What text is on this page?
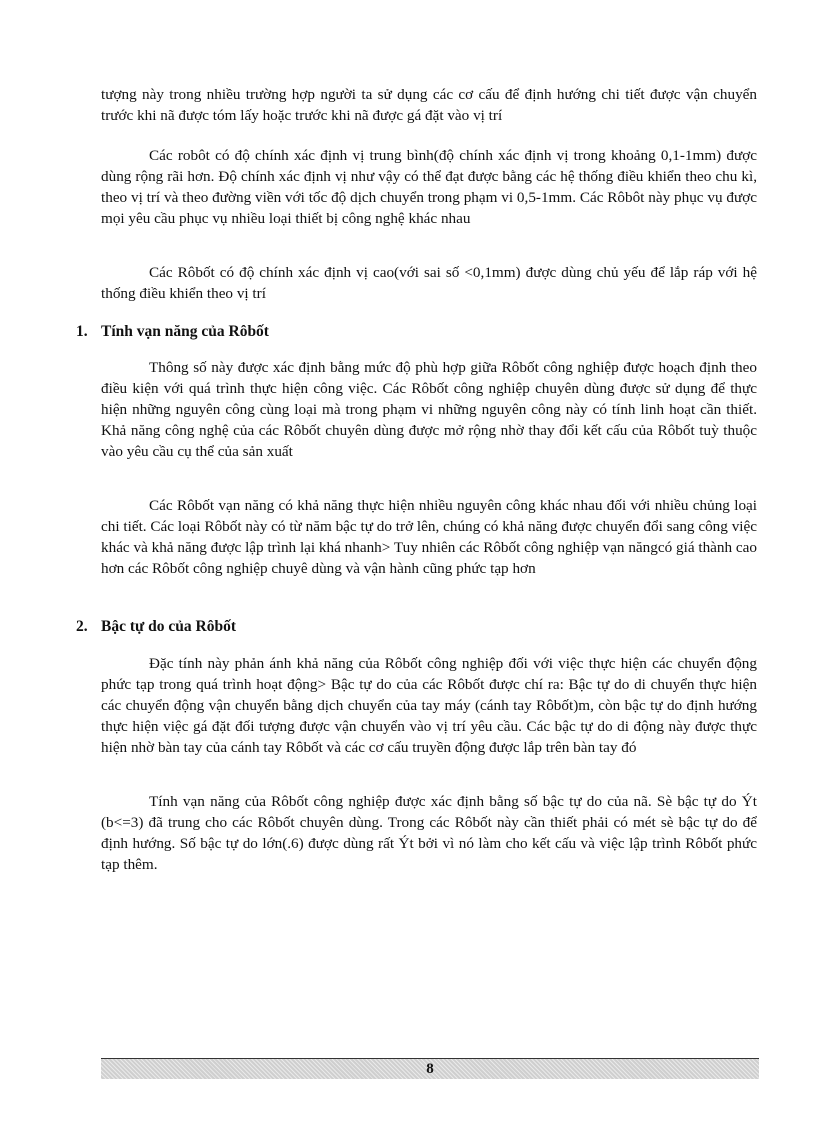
tượng này trong nhiều trường hợp người ta sử dụng các cơ cấu để định hướng chi tiết được vận chuyển trước khi nã được tóm lấy hoặc trước khi nã được gá đặt vào vị trí

Các robôt có độ chính xác định vị trung bình(độ chính xác định vị trong khoảng 0,1-1mm) được dùng rộng rãi hơn. Độ chính xác định vị như vậy có thể đạt được bằng các hệ thống điều khiển theo chu kì, theo vị trí và theo đường viền với tốc độ dịch chuyển trong phạm vi 0,5-1mm. Các Rôbôt này phục vụ được mọi yêu cầu phục vụ nhiều loại thiết bị công nghệ khác nhau

Các Rôbốt có độ chính xác định vị cao(với sai số <0,1mm) được dùng chủ yếu để lắp ráp với hệ thống điều khiển theo vị trí

1. Tính vạn năng của Rôbốt

Thông số này được xác định bằng mức độ phù hợp giữa Rôbốt công nghiệp được hoạch định theo điều kiện với quá trình thực hiện công việc. Các Rôbốt công nghiệp chuyên dùng được sử dụng để thực hiện những nguyên công cùng loại mà trong phạm vi những nguyên công này có tính linh hoạt cần thiết. Khả năng công nghệ của các Rôbốt chuyên dùng được mở rộng nhờ thay đổi kết cấu của Rôbốt tuỳ thuộc vào yêu cầu cụ thể của sản xuất

Các Rôbốt vạn năng có khả năng thực hiện nhiều nguyên công khác nhau đối với nhiều chủng loại chi tiết. Các loại Rôbốt này có từ năm bậc tự do trở lên, chúng có khả năng được chuyển đổi sang công việc khác và khả năng được lập trình lại khá nhanh> Tuy nhiên các Rôbốt công nghiệp vạn năngcó giá thành cao hơn các Rôbốt công nghiệp chuyê dùng và vận hành cũng phức tạp hơn

2. Bậc tự do của Rôbốt

Đặc tính này phản ánh khả năng của Rôbốt công nghiệp đối với việc thực hiện các chuyển động phức tạp trong quá trình hoạt động> Bậc tự do của các Rôbốt được chí ra: Bậc tự do di chuyển thực hiện các chuyển động vận chuyển bằng dịch chuyển của tay máy (cánh tay Rôbốt)m, còn bậc tự do định hướng thực hiện việc gá đặt đối tượng được vận chuyển vào vị trí yêu cầu. Các bậc tự do di động này được thực hiện nhờ bàn tay của cánh tay Rôbốt và các cơ cấu truyền động được lắp trên bàn tay đó

Tính vạn năng của Rôbốt công nghiệp được xác định bằng số bậc tự do của nã. Sè bậc tự do Ýt (b<=3) đã trung cho các Rôbốt chuyên dùng. Trong các Rôbốt này cần thiết phải có mét sè bậc tự do để định hướng. Số bậc tự do lớn(.6) được dùng rất Ýt bởi vì nó làm cho kết cấu và việc lập trình Rôbốt phức tạp thêm.

8
